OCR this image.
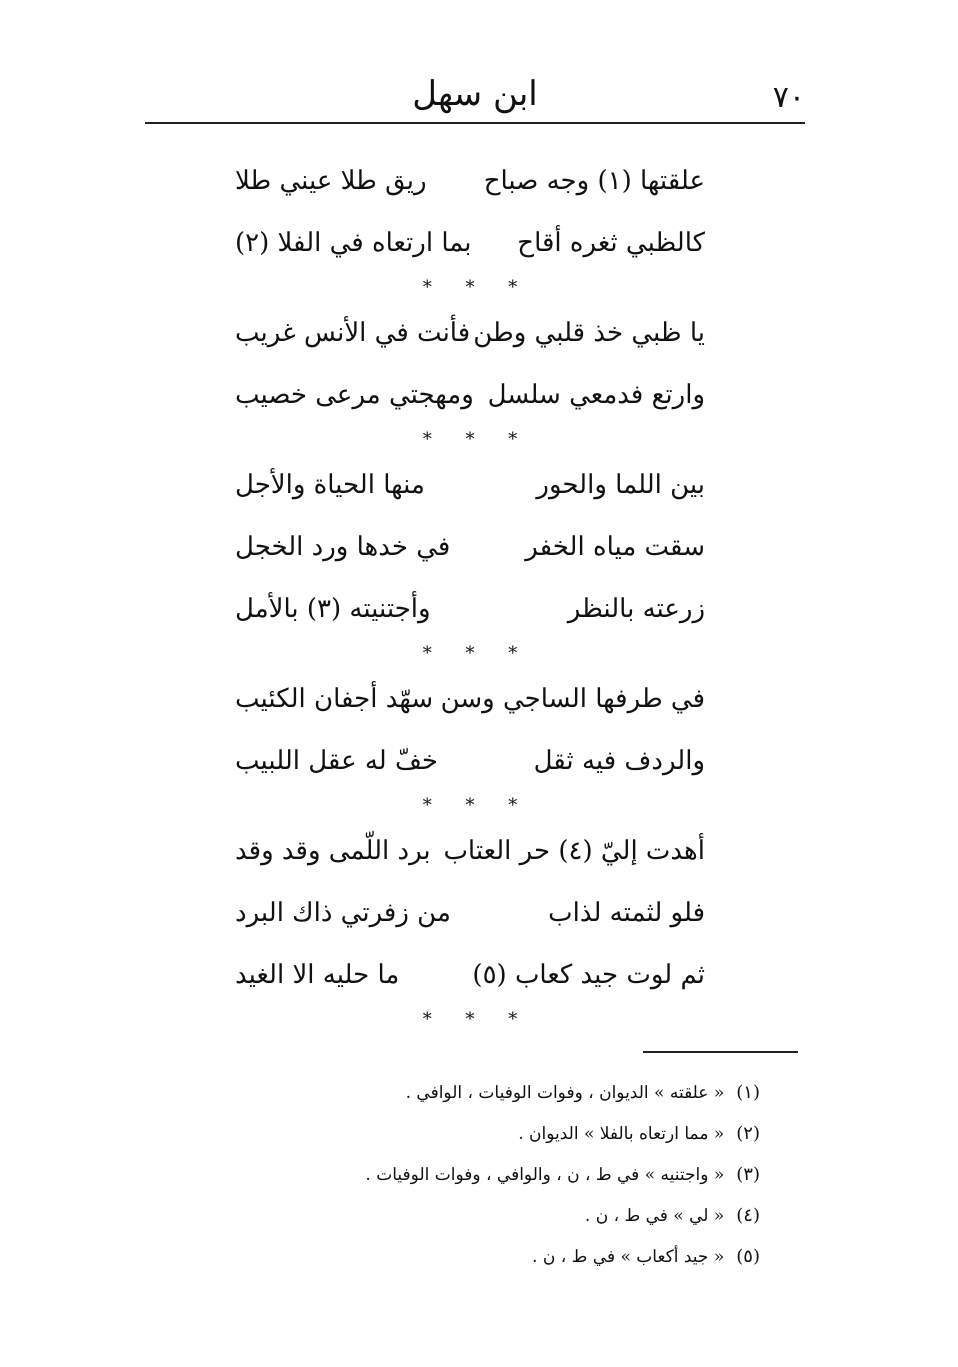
٧٠
ابن سهل
علقتها (١) وجه صباح
ريق طلا عيني طلا
كالظبي ثغره أقاح
بما ارتعاه في الفلا (٢)
* * *
يا ظبي خذ قلبي وطن
فأنت في الأنس غريب
وارتع فدمعي سلسل
ومهجتي مرعى خصيب
* * *
بين اللما والحور
منها الحياة والأجل
سقت مياه الخفر
في خدها ورد الخجل
زرعته بالنظر
وأجتنيته (٣) بالأمل
* * *
في طرفها الساجي وسن
سهّد أجفان الكئيب
والردف فيه ثقل
خفّ له عقل اللبيب
* * *
أهدت إليّ (٤) حر العتاب
برد اللّمى وقد وقد
فلو لثمته لذاب
من زفرتي ذاك البرد
ثم لوت جيد كعاب (٥)
ما حليه الا الغيد
* * *
(١)« علقته » الديوان ، وفوات الوفيات ، الوافي .
(٢)« مما ارتعاه بالفلا » الديوان .
(٣)« واجتنيه » في ط ، ن ، والوافي ، وفوات الوفيات .
(٤)« لي » في ط ، ن .
(٥)« جيد أكعاب » في ط ، ن .
